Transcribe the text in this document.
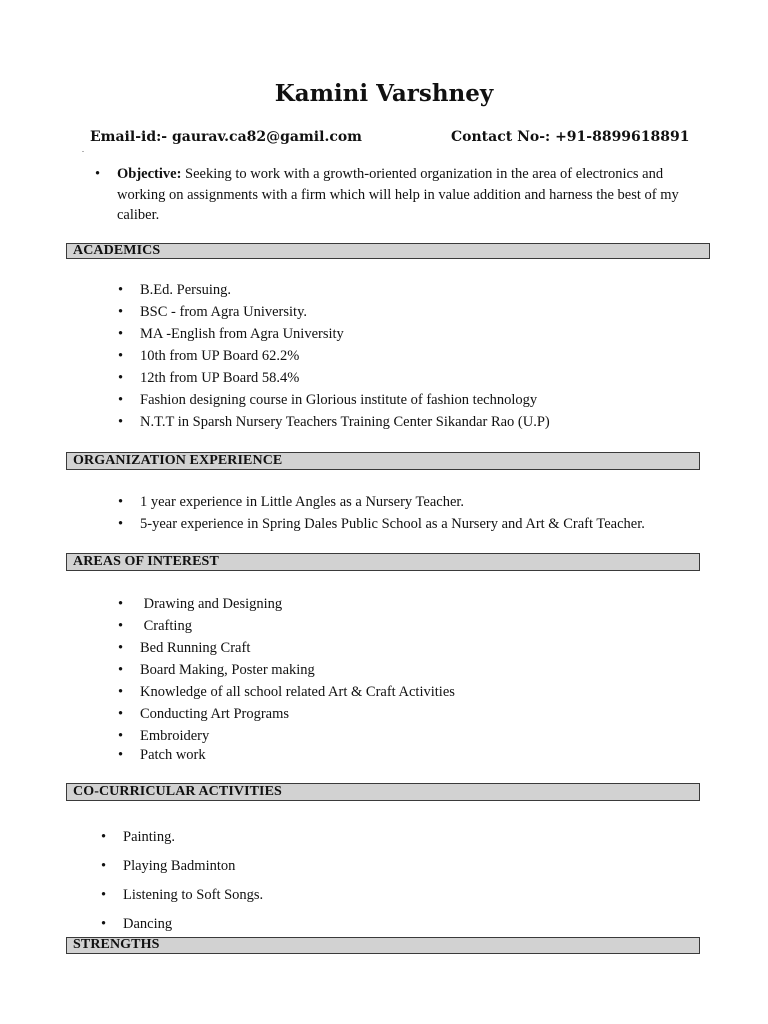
Kamini Varshney
Email-id:- gaurav.ca82@gamil.com	Contact No-: +91-8899618891
.
• Objective: Seeking to work with a growth-oriented organization in the area of electronics and working on assignments with a firm which will help in value addition and harness the best of my caliber.
ACADEMICS
• B.Ed. Persuing.
• BSC - from Agra University.
• MA -English from Agra University
• 10th from UP Board 62.2%
• 12th from UP Board 58.4%
• Fashion designing course in Glorious institute of fashion technology
• N.T.T in Sparsh Nursery Teachers Training Center Sikandar Rao (U.P)
ORGANIZATION EXPERIENCE
• 1 year experience in Little Angles as a Nursery Teacher.
• 5-year experience in Spring Dales Public School as a Nursery and Art & Craft Teacher.
AREAS OF INTEREST
•  Drawing and Designing
•  Crafting
• Bed Running Craft
• Board Making, Poster making
• Knowledge of all school related Art & Craft Activities
• Conducting Art Programs
• Embroidery
• Patch work
CO-CURRICULAR ACTIVITIES
• Painting.
• Playing Badminton
• Listening to Soft Songs.
• Dancing
STRENGTHS
